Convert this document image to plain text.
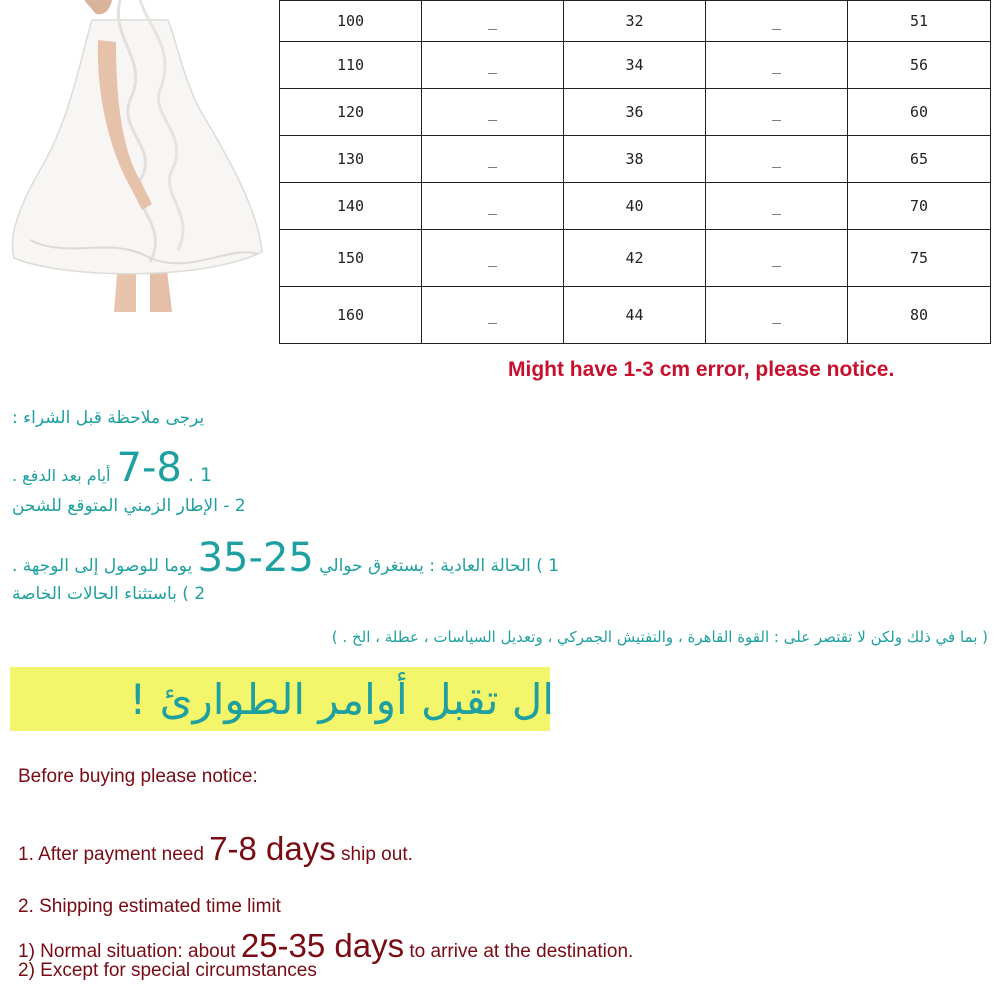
100	_	32	_	51
110	_	34	_	56
120	_	36	_	60
130	_	38	_	65
140	_	40	_	70
150	_	42	_	75
160	_	44	_	80
Might have 1-3 cm error, please notice.
يرجى ملاحظة قبل الشراء :
1 . 7-8 أيام بعد الدفع .
2 - الإطار الزمني المتوقع للشحن
1 ) الحالة العادية : يستغرق حوالي 25-35 يوما للوصول إلى الوجهة .
2 ) باستثناء الحالات الخاصة
( بما في ذلك ولكن لا تقتصر على : القوة القاهرة ، والتفتيش الجمركي ، وتعديل السياسات ، عطلة ، الخ . )
ال تقبل أوامر الطوارئ !
Before buying please notice:
1. After payment need 7-8 days ship out.
2. Shipping estimated time limit
1) Normal situation: about 25-35 days to arrive at the destination.
2) Except for special circumstances
